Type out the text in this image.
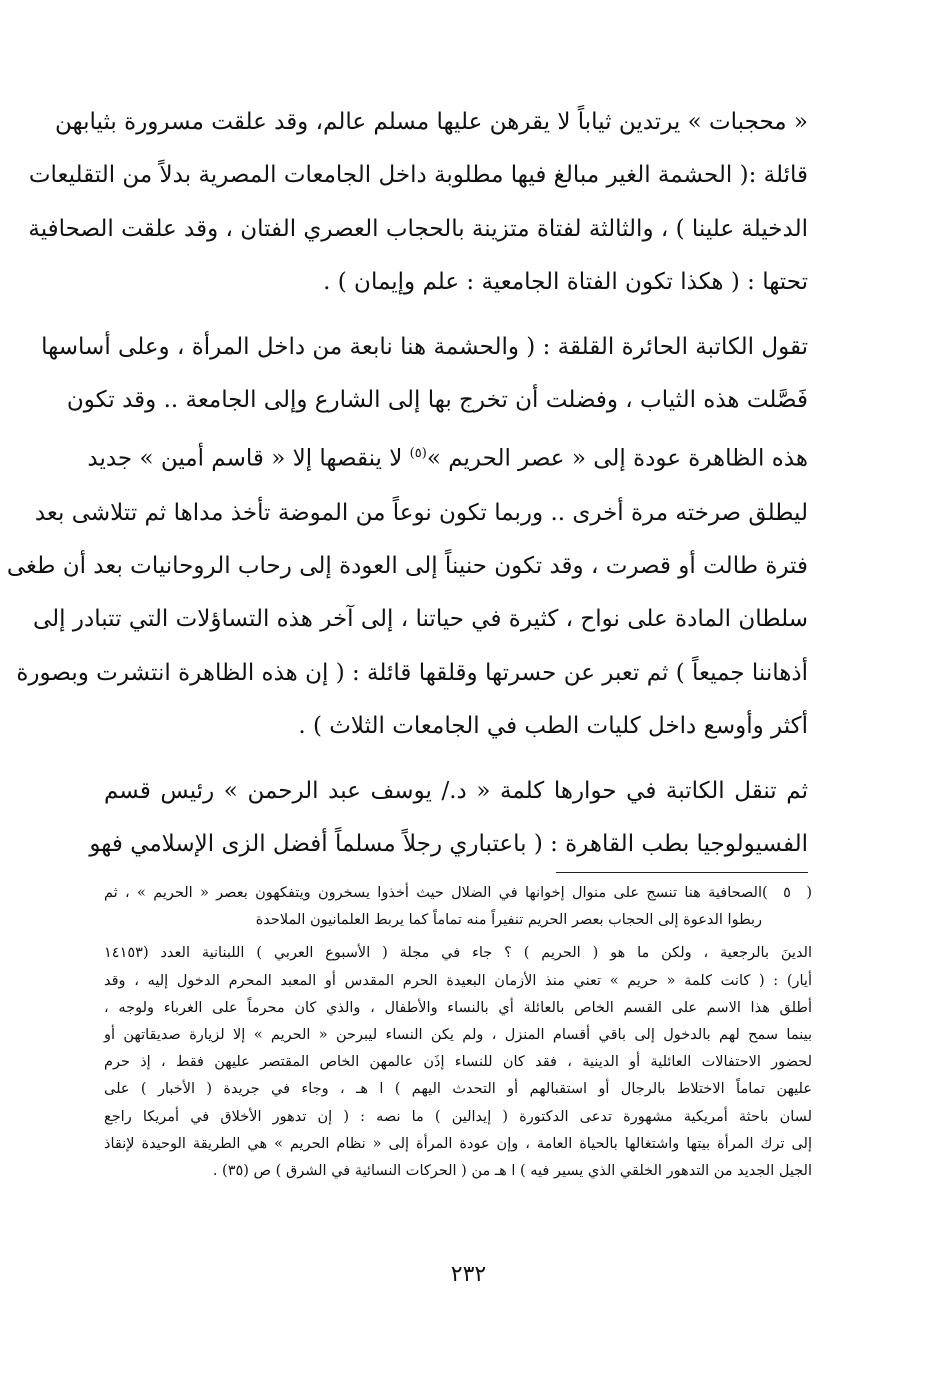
« محجبات » يرتدين ثياباً لا يقرهن عليها مسلم عالم، وقد علقت مسرورة بثيابهن
قائلة :( الحشمة الغير مبالغ فيها مطلوبة داخل الجامعات المصرية بدلاً من التقليعات
الدخيلة علينا ) ، والثالثة لفتاة متزينة بالحجاب العصري الفتان ، وقد علقت الصحافية
تحتها : ( هكذا تكون الفتاة الجامعية : علم وإيمان ) .
تقول الكاتبة الحائرة القلقة : ( والحشمة هنا نابعة من داخل المرأة ، وعلى أساسها
فَصَّلت هذه الثياب ، وفضلت أن تخرج بها إلى الشارع وإلى الجامعة .. وقد تكون
هذه الظاهرة عودة إلى « عصر الحريم »$^{(٥)}$ لا ينقصها إلا « قاسم أمين » جديد
ليطلق صرخته مرة أخرى .. وربما تكون نوعاً من الموضة تأخذ مداها ثم تتلاشى بعد
فترة طالت أو قصرت ، وقد تكون حنيناً إلى العودة إلى رحاب الروحانيات بعد أن طغى
سلطان المادة على نواح ، كثيرة في حياتنا ، إلى آخر هذه التساؤلات التي تتبادر إلى
أذهاننا جميعاً ) ثم تعبر عن حسرتها وقلقها قائلة : ( إن هذه الظاهرة انتشرت وبصورة
أكثر وأوسع داخل كليات الطب في الجامعات الثلاث ) .
ثم تنقل الكاتبة في حوارها كلمة « د./ يوسف عبد الرحمن » رئيس قسم
الفسيولوجيا بطب القاهرة : ( باعتباري رجلاً مسلماً أفضل الزى الإسلامي فهو
( ٥ )الصحافية هنا تنسج على منوال إخوانها في الضلال حيث أخذوا يسخرون ويتفكهون بعصر « الحريم » ، ثم
ربطوا الدعوة إلى الحجاب بعصر الحريم تنفيراً منه تماماً كما يربط العلمانيون الملاحدة
الدينَ بالرجعية ، ولكن ما هو ( الحريم ) ؟ جاء في مجلة ( الأسبوع العربي ) اللبنانية العدد (١٤١٥٣
أيار) : ( كانت كلمة « حريم » تعني منذ الأزمان البعيدة الحرم المقدس أو المعبد المحرم الدخول إليه ، وقد
أطلق هذا الاسم على القسم الخاص بالعائلة أي بالنساء والأطفال ، والذي كان محرماً على الغرباء ولوجه ،
بينما سمح لهم بالدخول إلى باقي أقسام المنزل ، ولم يكن النساء ليبرحن « الحريم » إلا لزيارة صديقاتهن أو
لحضور الاحتفالات العائلية أو الدينية ، فقد كان للنساء إذَن عالمهن الخاص المقتصر عليهن فقط ، إذ حرم
عليهن تماماً الاختلاط بالرجال أو استقبالهم أو التحدث اليهم ) ا هـ ، وجاء في جريدة ( الأخبار ) على
لسان باحثة أمريكية مشهورة تدعى الدكتورة ( إيدالين ) ما نصه : ( إن تدهور الأخلاق في أمريكا راجع
إلى ترك المرأة بيتها واشتغالها بالحياة العامة ، وإن عودة المرأة إلى « نظام الحريم » هي الطريقة الوحيدة لإنقاذ
الجيل الجديد من التدهور الخلقي الذي يسير فيه ) ا هـ من ( الحركات النسائية في الشرق ) ص (٣٥) .
٢٣٢
